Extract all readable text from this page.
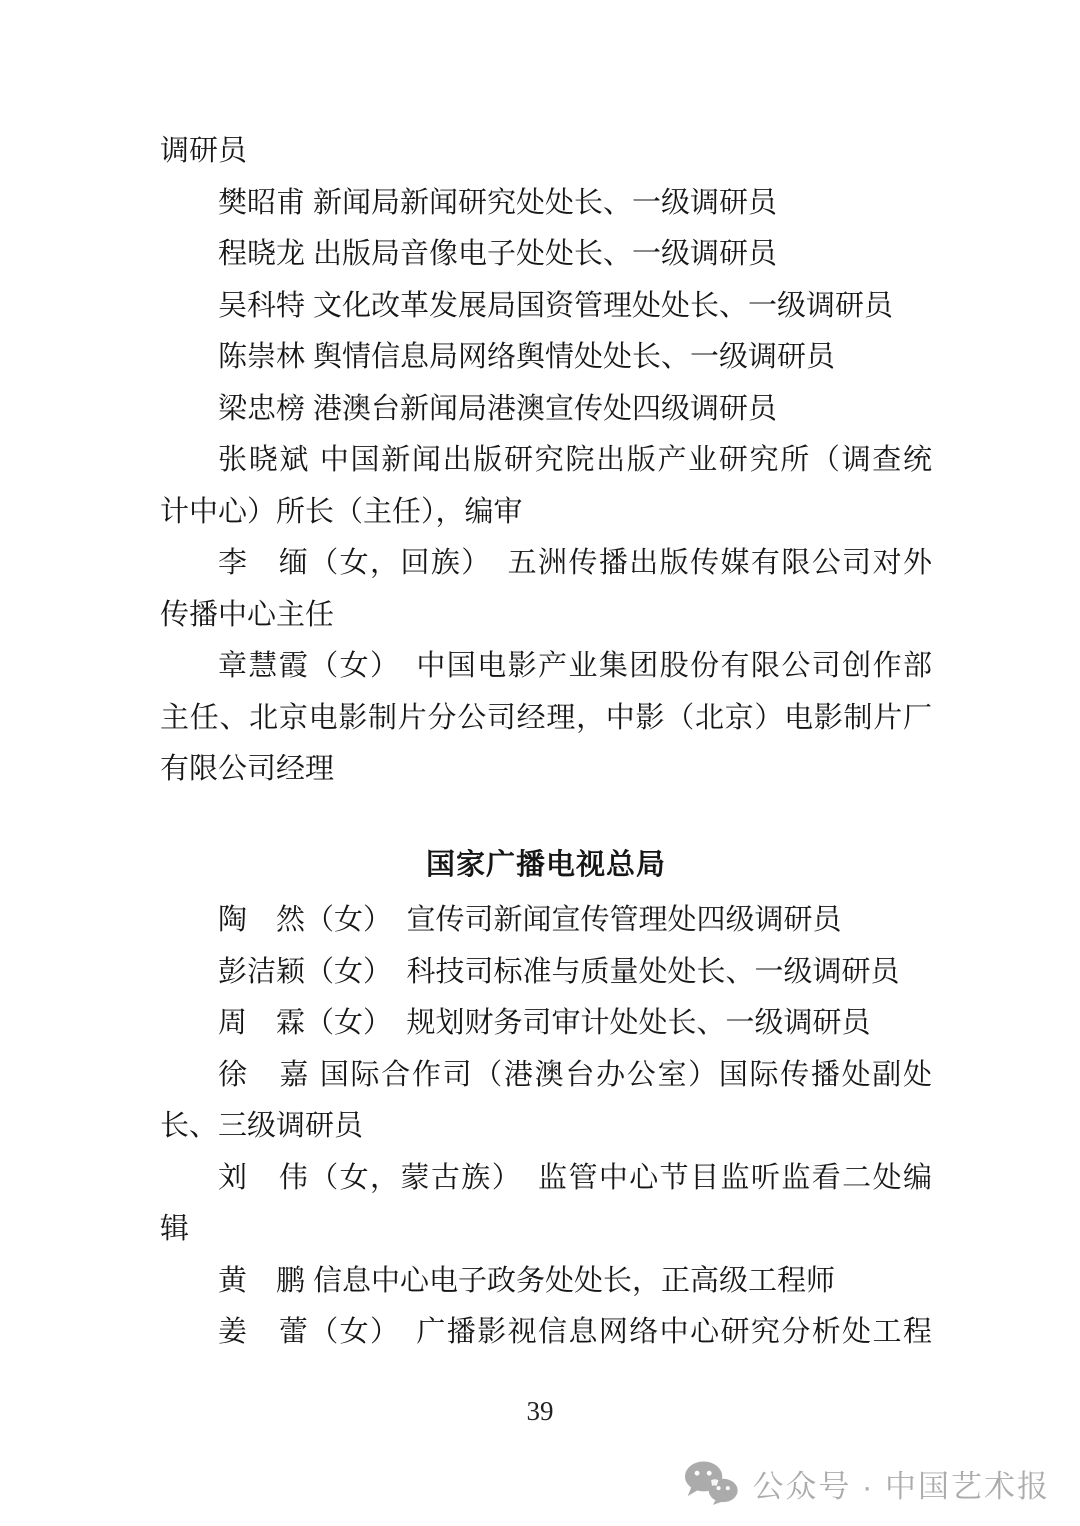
调研员
樊昭甫 新闻局新闻研究处处长、一级调研员
程晓龙 出版局音像电子处处长、一级调研员
吴科特 文化改革发展局国资管理处处长、一级调研员
陈崇林 舆情信息局网络舆情处处长、一级调研员
梁忠榜 港澳台新闻局港澳宣传处四级调研员
张晓斌 中国新闻出版研究院出版产业研究所（调查统
计中心）所长（主任），编审
李　缅（女，回族）　五洲传播出版传媒有限公司对外
传播中心主任
章慧霞（女）　中国电影产业集团股份有限公司创作部
主任、北京电影制片分公司经理，中影（北京）电影制片厂
有限公司经理
国家广播电视总局
陶　然（女）　宣传司新闻宣传管理处四级调研员
彭洁颖（女）　科技司标准与质量处处长、一级调研员
周　霖（女）　规划财务司审计处处长、一级调研员
徐　嘉 国际合作司（港澳台办公室）国际传播处副处
长、三级调研员
刘　伟（女，蒙古族）　监管中心节目监听监看二处编
辑
黄　鹏 信息中心电子政务处处长，正高级工程师
姜　蕾（女）　广播影视信息网络中心研究分析处工程
39
公众号 · 中国艺术报
